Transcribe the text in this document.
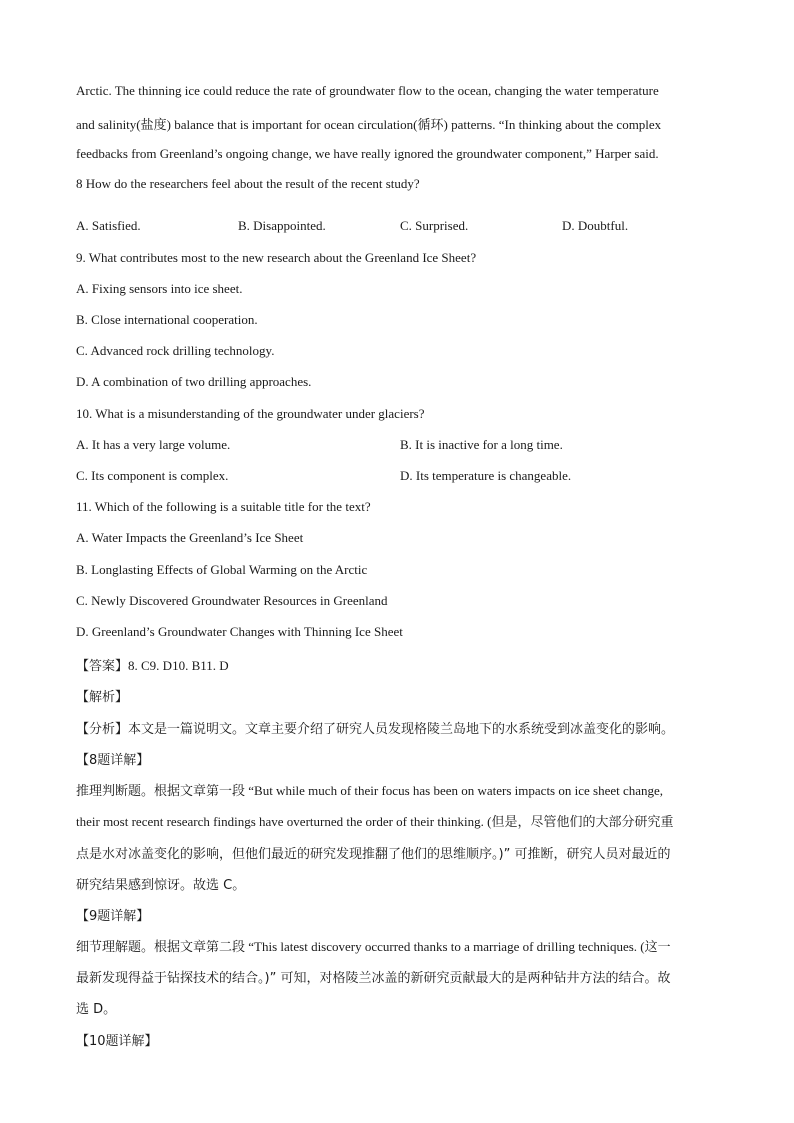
Arctic. The thinning ice could reduce the rate of groundwater flow to the ocean, changing the water temperature
and salinity(盐度) balance that is important for ocean circulation(循环) patterns. “In thinking about the complex
feedbacks from Greenland’s ongoing change, we have really ignored the groundwater component,” Harper said.
8 How do the researchers feel about the result of the recent study?
A. Satisfied.	B. Disappointed.	C. Surprised.	D. Doubtful.
9. What contributes most to the new research about the Greenland Ice Sheet?
A. Fixing sensors into ice sheet.
B. Close international cooperation.
C. Advanced rock drilling technology.
D. A combination of two drilling approaches.
10. What is a misunderstanding of the groundwater under glaciers?
A. It has a very large volume.	B. It is inactive for a long time.
C. Its component is complex.	D. Its temperature is changeable.
11. Which of the following is a suitable title for the text?
A. Water Impacts the Greenland’s Ice Sheet
B. Longlasting Effects of Global Warming on the Arctic
C. Newly Discovered Groundwater Resources in Greenland
D. Greenland’s Groundwater Changes with Thinning Ice Sheet
【答案】8. C9. D10. B11. D
【解析】
【分析】本文是一篇说明文。文章主要介绍了研究人员发现格陵兰岛地下的水系统受到冰盖变化的影响。
【8题详解】
推理判断题。根据文章第一段 “But while much of their focus has been on waters impacts on ice sheet change,
their most recent research findings have overturned the order of their thinking. (但是，尽管他们的大部分研究重
点是水对冰盖变化的影响，但他们最近的研究发现推翻了他们的思维顺序。)” 可推断，研究人员对最近的
研究结果感到惊讶。故选 C。
【9题详解】
细节理解题。根据文章第二段 “This latest discovery occurred thanks to a marriage of drilling techniques. (这一
最新发现得益于钻探技术的结合。)” 可知，对格陵兰冰盖的新研究贡献最大的是两种钻井方法的结合。故
选 D。
【10题详解】
